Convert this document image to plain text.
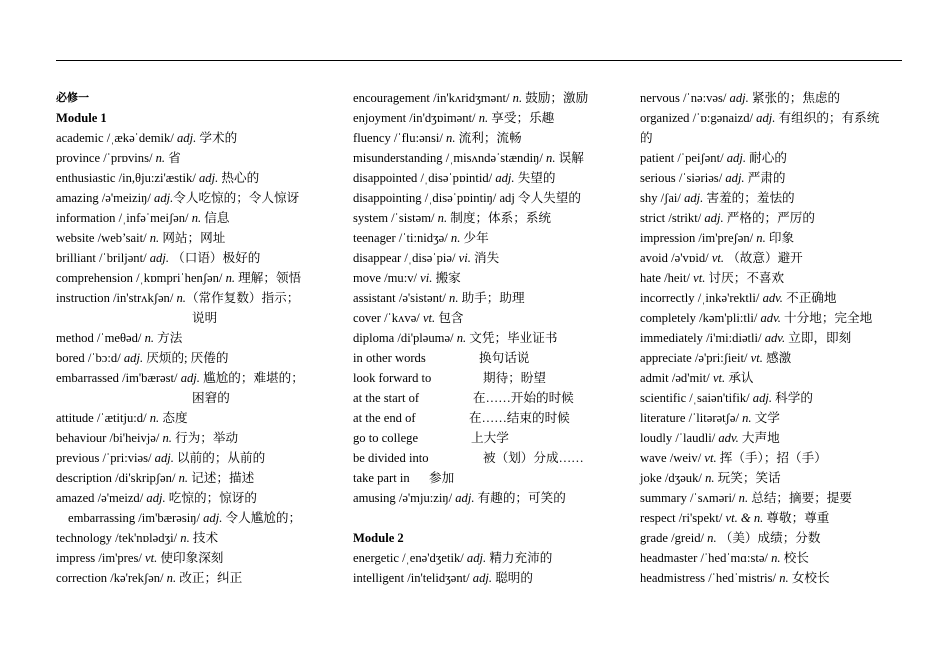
必修一
Module 1
academic /ˌækəˈdemik/ adj. 学术的
province /ˈprɒvins/ n. 省
enthusiastic /in,θju:zi'æstik/ adj. 热心的
amazing /ə'meiziŋ/ adj.令人吃惊的；令人惊讶
information /ˌinfəˈmeiʃən/ n. 信息
website /web’sait/ n. 网站；网址
brilliant /ˈbriljənt/ adj. （口语）极好的
comprehension /ˌkɒmpriˈhenʃən/ n. 理解；领悟
instruction /in'strʌkʃən/ n.（常作复数）指示；
说明
method /ˈmeθəd/ n. 方法
bored /ˈbɔ:d/ adj. 厌烦的; 厌倦的
embarrassed /im'bærəst/ adj. 尴尬的；难堪的；
困窘的
attitude /ˈætitju:d/ n. 态度
behaviour /bi'heivjə/ n. 行为；举动
previous /ˈpri:viəs/ adj. 以前的；从前的
description /di'skripʃən/ n. 记述；描述
amazed /ə'meizd/ adj. 吃惊的；惊讶的
embarrassing /im'bærəsiŋ/ adj. 令人尴尬的；
technology /tek'nɒlədʒi/ n. 技术
impress /im'pres/ vt. 使印象深刻
correction /kə'rekʃən/ n. 改正；纠正
encouragement /in'kʌridʒmənt/ n. 鼓励；激励
enjoyment /in'dʒɒimənt/ n. 享受；乐趣
fluency /ˈflu:ənsi/ n. 流利；流畅
misunderstanding /ˌmisʌndəˈstændiŋ/ n. 误解
disappointed /ˌdisəˈpɒintid/ adj. 失望的
disappointing /ˌdisəˈpɒintiŋ/ adj 令人失望的
system /ˈsistəm/ n. 制度；体系；系统
teenager /ˈti:nidʒə/ n. 少年
disappear /ˌdisəˈpiə/ vi. 消失
move /mu:v/ vi. 搬家
assistant /ə'sistənt/ n. 助手；助理
cover /ˈkʌvə/ vt. 包含
diploma /di'pləumə/ n. 文凭；毕业证书
in other words	换句话说
look forward to	期待；盼望
at the start of	在……开始的时候
at the end of	在……结束的时候
go to college	上大学
be divided into	被（划）分成……
take part in 参加
amusing /ə'mju:ziŋ/ adj. 有趣的；可笑的
Module 2
energetic /ˌenə'dʒetik/ adj. 精力充沛的
intelligent /in'telidʒənt/ adj. 聪明的
nervous /ˈnə:vəs/ adj. 紧张的；焦虑的
organized /ˈɒ:gənaizd/ adj. 有组织的；有系统
的
patient /ˈpeiʃənt/ adj. 耐心的
serious /ˈsiəriəs/ adj. 严肃的
shy /ʃai/ adj. 害羞的；羞怯的
strict /strikt/ adj. 严格的；严厉的
impression /im'preʃən/ n. 印象
avoid /ə'vɒid/ vt. （故意）避开
hate /heit/ vt. 讨厌；不喜欢
incorrectly /ˌinkə'rektli/ adv. 不正确地
completely /kəm'pli:tli/ adv. 十分地；完全地
immediately /i'mi:diətli/ adv. 立即，即刻
appreciate /ə'pri:ʃieit/ vt. 感激
admit /əd'mit/ vt. 承认
scientific /ˌsaiən'tifik/ adj. 科学的
literature /ˈlitərətʃə/ n. 文学
loudly /ˈlaudli/ adv. 大声地
wave /weiv/ vt. 挥（手）；招（手）
joke /dʒəuk/ n. 玩笑；笑话
summary /ˈsʌməri/ n. 总结；摘要；提要
respect /ri'spekt/ vt. & n. 尊敬；尊重
grade /greid/ n. （美）成绩；分数
headmaster /ˈhedˈmɑ:stə/ n. 校长
headmistress /ˈhedˈmistris/ n. 女校长
